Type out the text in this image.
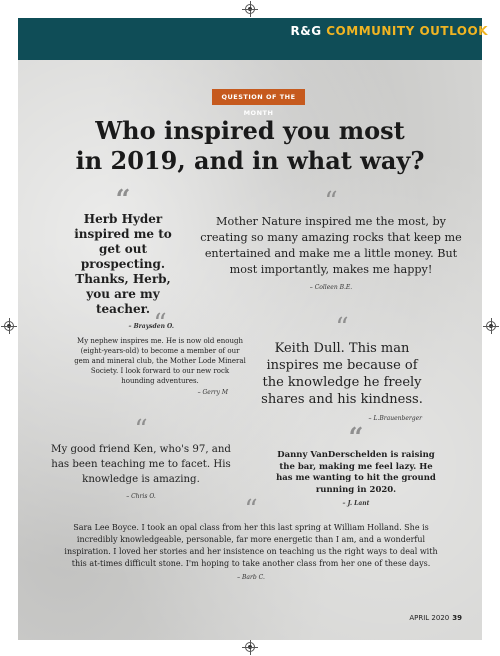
R&G COMMUNITY OUTLOOK
QUESTION OF THE MONTH
Who inspired you most
in 2019, and in what way?
“
Herb Hyder inspired me to get out prospecting. Thanks, Herb, you are my teacher.
– Braysden O.
“
Mother Nature inspired me the most, by creating so many amazing rocks that keep me entertained and make me a little money. But most importantly, makes me happy!
– Colleen B.E.
“
My nephew inspires me. He is now old enough (eight-years-old) to become a member of our gem and mineral club, the Mother Lode Mineral Society. I look forward to our new rock hounding adventures.
– Gerry M
“
Keith Dull. This man inspires me because of the knowledge he freely shares and his kindness.
– L.Brauenberger
“
My good friend Ken, who's 97, and has been teaching me to facet. His knowledge is amazing.
– Chris O.
“
Danny VanDerschelden is raising the bar, making me feel lazy. He has me wanting to hit the ground running in 2020.
– J. Lant
“
Sara Lee Boyce. I took an opal class from her this last spring at William Holland. She is incredibly knowledgeable, personable, far more energetic than I am, and a wonderful inspiration. I loved her stories and her insistence on teaching us the right ways to deal with this at-times difficult stone. I'm hoping to take another class from her one of these days.
– Barb C.
APRIL 2020 39
